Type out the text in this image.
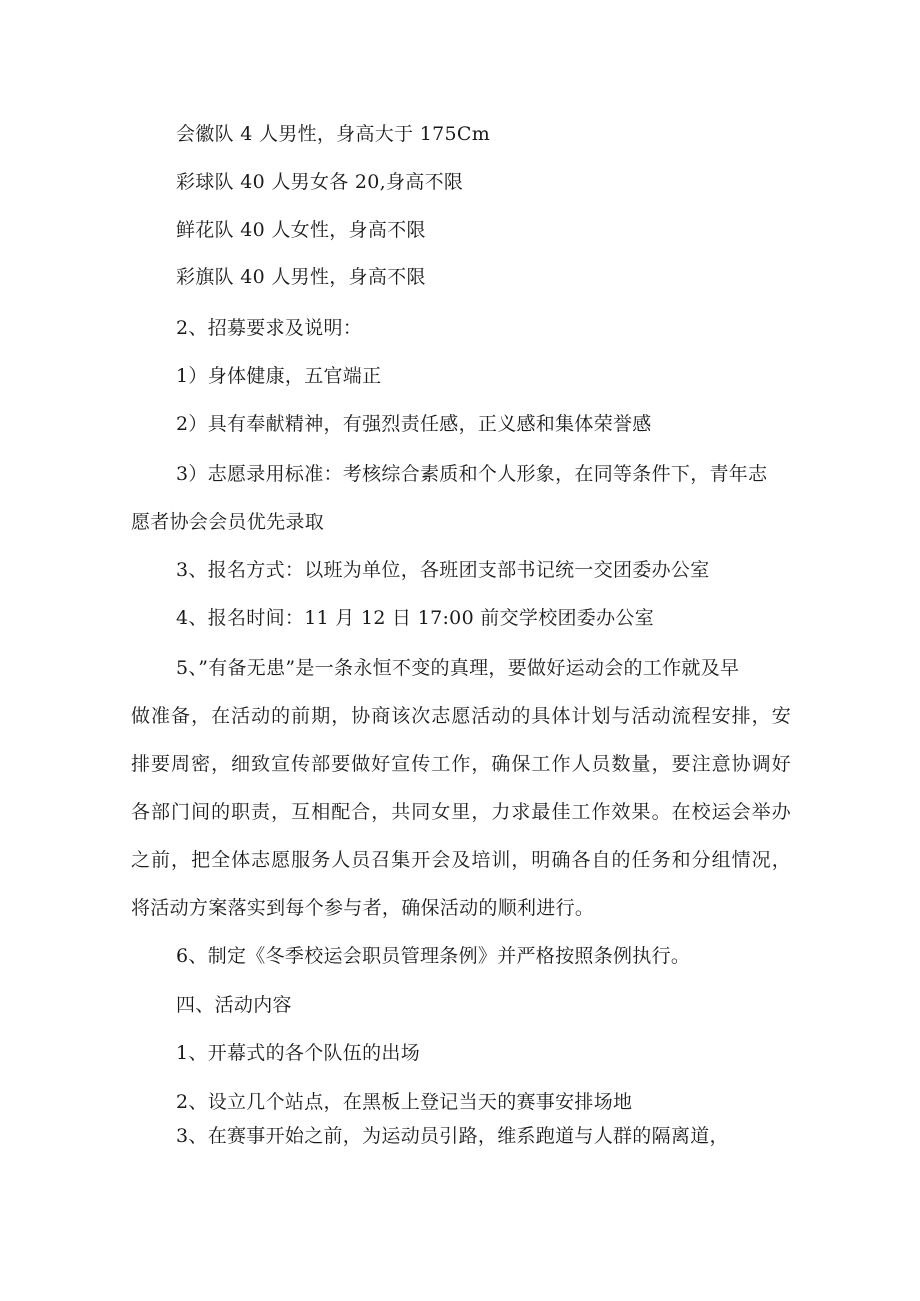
会徽队 4 人男性，身高大于 175Cm
彩球队 40 人男女各 20,身高不限
鲜花队 40 人女性，身高不限
彩旗队 40 人男性，身高不限
2、招募要求及说明：
1）身体健康，五官端正
2）具有奉献精神，有强烈责任感，正义感和集体荣誉感
3）志愿录用标准：考核综合素质和个人形象，在同等条件下，青年志
愿者协会会员优先录取
3、报名方式：以班为单位，各班团支部书记统一交团委办公室
4、报名时间：11 月 12 日 17:00 前交学校团委办公室
5、”有备无患”是一条永恒不变的真理，要做好运动会的工作就及早
做准备，在活动的前期，协商该次志愿活动的具体计划与活动流程安排，安
排要周密，细致宣传部要做好宣传工作，确保工作人员数量，要注意协调好
各部门间的职责，互相配合，共同女里，力求最佳工作效果。在校运会举办
之前，把全体志愿服务人员召集开会及培训，明确各自的任务和分组情况，
将活动方案落实到每个参与者，确保活动的顺利进行。
6、制定《冬季校运会职员管理条例》并严格按照条例执行。
四、活动内容
1、开幕式的各个队伍的出场
2、设立几个站点，在黑板上登记当天的赛事安排场地
3、在赛事开始之前，为运动员引路，维系跑道与人群的隔离道，
